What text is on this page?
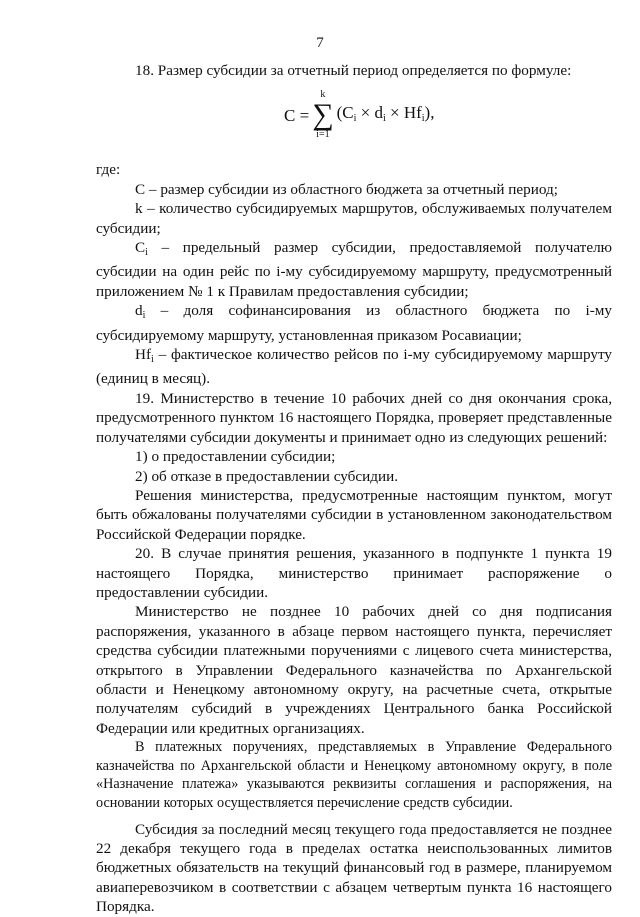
7

18. Размер субсидии за отчетный период определяется по формуле:

C =
k
∑
i=1
$(C_i \times d_i \times Hf_i)$,

где:

С – размер субсидии из областного бюджета за отчетный период;

k – количество субсидируемых маршрутов, обслуживаемых получателем субсидии;

$C_i$ – предельный размер субсидии, предоставляемой получателю субсидии на один рейс по i-му субсидируемому маршруту, предусмотренный приложением № 1 к Правилам предоставления субсидии;

$d_i$ – доля софинансирования из областного бюджета по i-му субсидируемому маршруту, установленная приказом Росавиации;

$Hf_i$ – фактическое количество рейсов по i-му субсидируемому маршруту (единиц в месяц).

19. Министерство в течение 10 рабочих дней со дня окончания срока, предусмотренного пунктом 16 настоящего Порядка, проверяет представленные получателями субсидии документы и принимает одно из следующих решений:

1) о предоставлении субсидии;

2) об отказе в предоставлении субсидии.

Решения министерства, предусмотренные настоящим пунктом, могут быть обжалованы получателями субсидии в установленном законодательством Российской Федерации порядке.

20. В случае принятия решения, указанного в подпункте 1 пункта 19 настоящего Порядка, министерство принимает распоряжение о предоставлении субсидии.

Министерство не позднее 10 рабочих дней со дня подписания распоряжения, указанного в абзаце первом настоящего пункта, перечисляет средства субсидии платежными поручениями с лицевого счета министерства, открытого в Управлении Федерального казначейства по Архангельской области и Ненецкому автономному округу, на расчетные счета, открытые получателям субсидий в учреждениях Центрального банка Российской Федерации или кредитных организациях.

В платежных поручениях, представляемых в Управление Федерального казначейства по Архангельской области и Ненецкому автономному округу, в поле «Назначение платежа» указываются реквизиты соглашения и распоряжения, на основании которых осуществляется перечисление средств субсидии.

Субсидия за последний месяц текущего года предоставляется не позднее 22 декабря текущего года в пределах остатка неиспользованных лимитов бюджетных обязательств на текущий финансовый год в размере, планируемом авиаперевозчиком в соответствии с абзацем четвертым пункта 16 настоящего Порядка.
